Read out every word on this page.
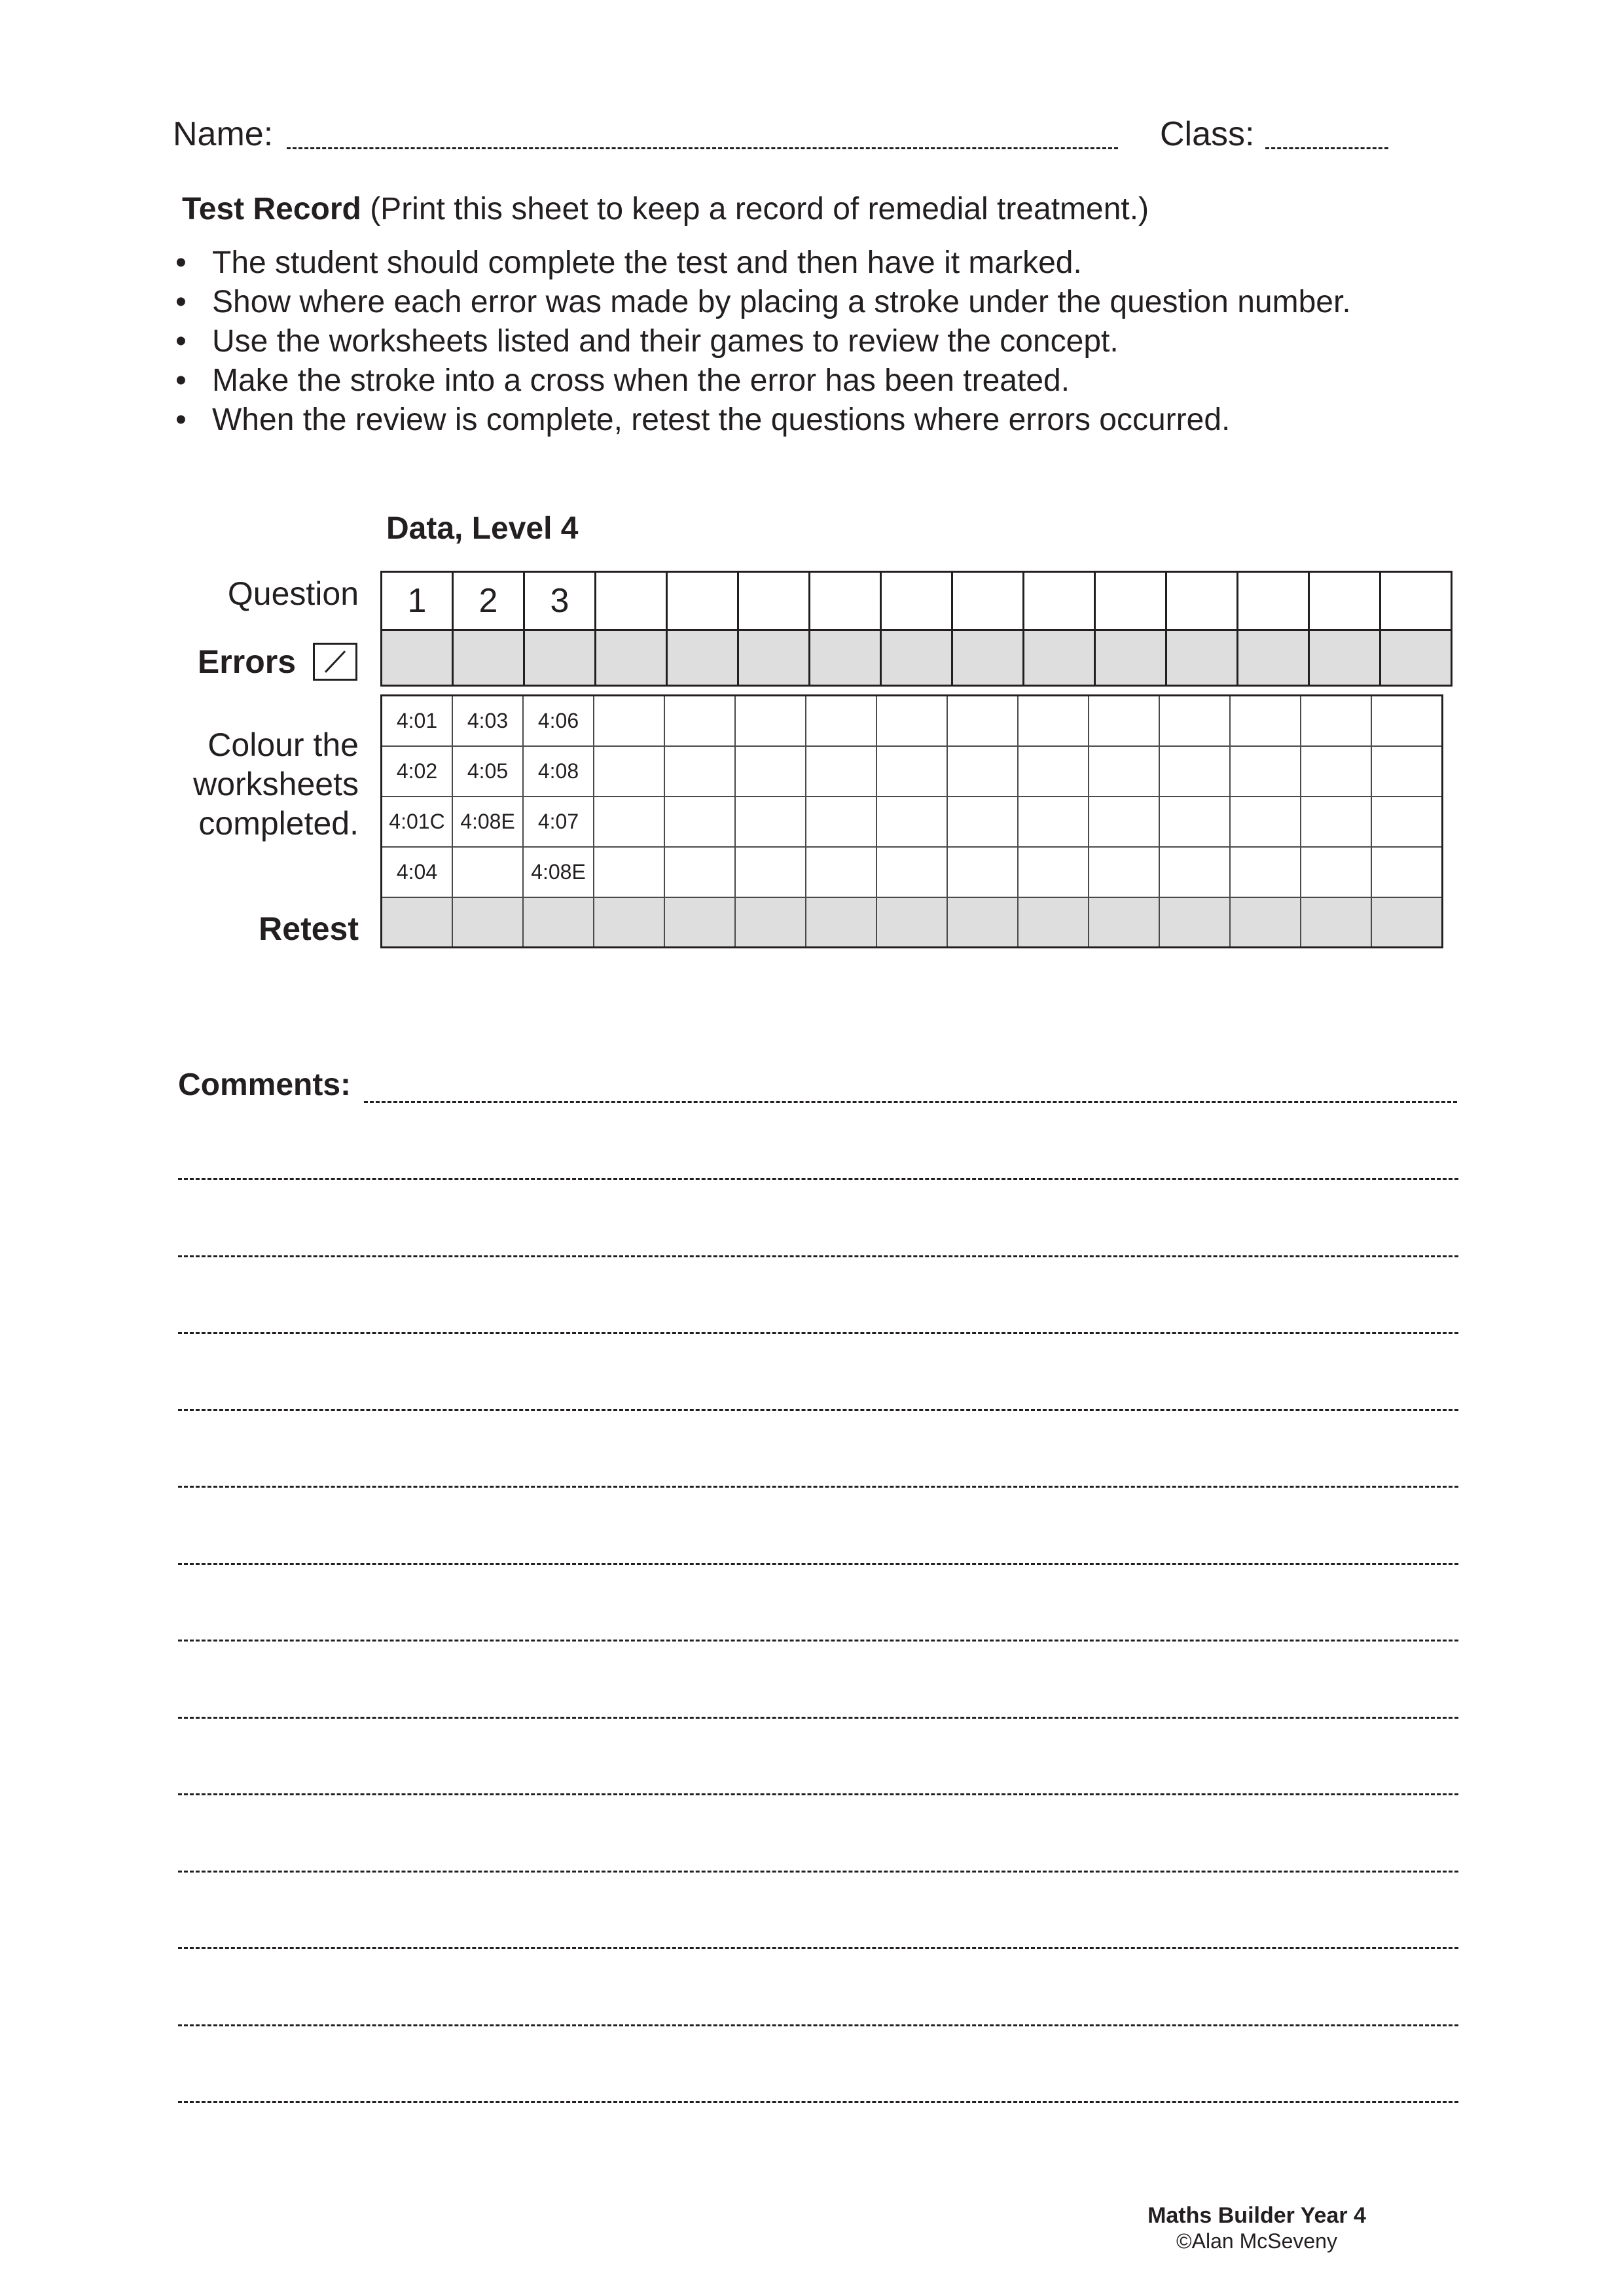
Name:	Class:
Test Record (Print this sheet to keep a record of remedial treatment.)
• The student should complete the test and then have it marked.
• Show where each error was made by placing a stroke under the question number.
• Use the worksheets listed and their games to review the concept.
• Make the stroke into a cross when the error has been treated.
• When the review is complete, retest the questions where errors occurred.
Data, Level 4
Question
Errors
Colour the
worksheets
completed.
Retest
1	2	3												

4:01	4:03	4:06												
4:02	4:05	4:08												
4:01C	4:08E	4:07												
4:04		4:08E												

Comments:
Maths Builder Year 4
©Alan McSeveny
